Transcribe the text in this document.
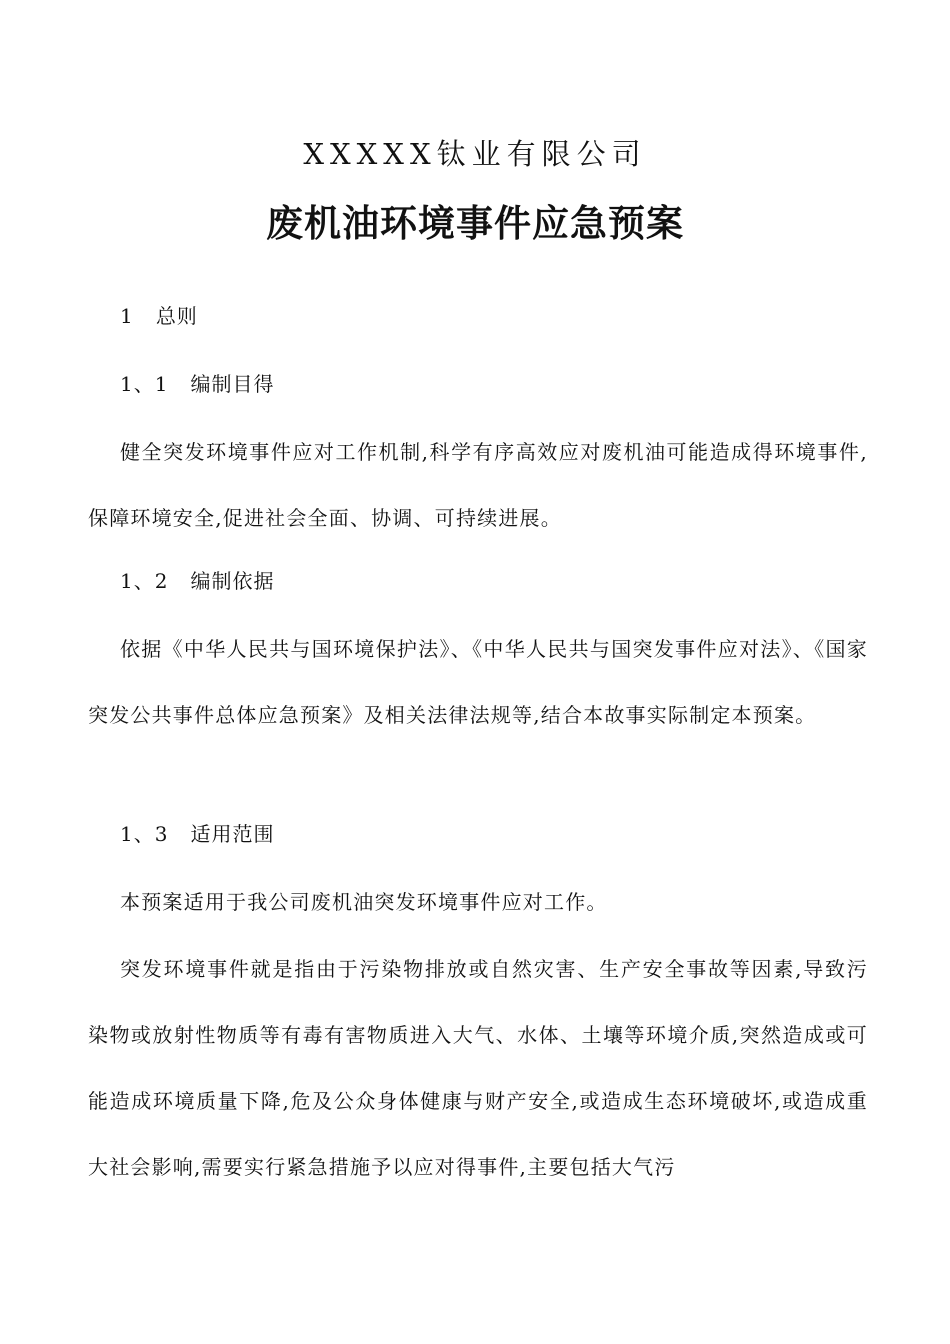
XXXXX钛业有限公司
废机油环境事件应急预案
1 总则
1、1 编制目得
健全突发环境事件应对工作机制,科学有序高效应对废机油可能造成得环境事件,保障环境安全,促进社会全面、协调、可持续进展。
1、2 编制依据
依据《中华人民共与国环境保护法》、《中华人民共与国突发事件应对法》、《国家突发公共事件总体应急预案》及相关法律法规等,结合本故事实际制定本预案。
1、3 适用范围
本预案适用于我公司废机油突发环境事件应对工作。
突发环境事件就是指由于污染物排放或自然灾害、生产安全事故等因素,导致污染物或放射性物质等有毒有害物质进入大气、水体、土壤等环境介质,突然造成或可能造成环境质量下降,危及公众身体健康与财产安全,或造成生态环境破坏,或造成重大社会影响,需要实行紧急措施予以应对得事件,主要包括大气污
